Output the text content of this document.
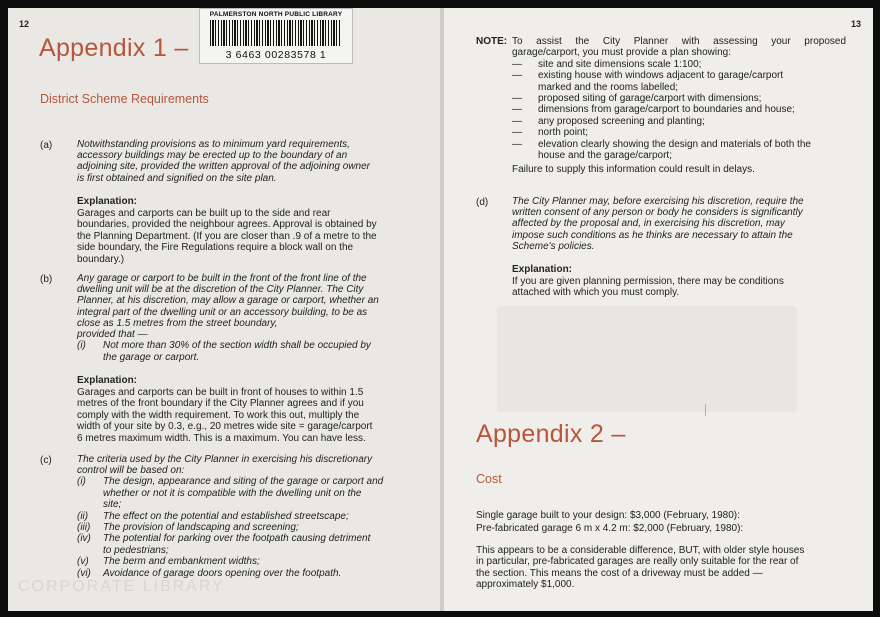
12
Appendix 1 –
PALMERSTON NORTH PUBLIC LIBRARY
3 6463 00283578 1
District Scheme Requirements
(a) Notwithstanding provisions as to minimum yard requirements,
accessory buildings may be erected up to the boundary of an
adjoining site, provided the written approval of the adjoining owner
is first obtained and signified on the site plan.
Explanation:
Garages and carports can be built up to the side and rear
boundaries, provided the neighbour agrees. Approval is obtained by
the Planning Department. (If you are closer than .9 of a metre to the
side boundary, the Fire Regulations require a block wall on the
boundary.)
(b) Any garage or carport to be built in the front of the front line of the
dwelling unit will be at the discretion of the City Planner. The City
Planner, at his discretion, may allow a garage or carport, whether an
integral part of the dwelling unit or an accessory building, to be as
close as 1.5 metres from the street boundary,
provided that —
(i)	Not more than 30% of the section width shall be occupied by
the garage or carport.
Explanation:
Garages and carports can be built in front of houses to within 1.5
metres of the front boundary if the City Planner agrees and if you
comply with the width requirement. To work this out, multiply the
width of your site by 0.3, e.g., 20 metres wide site = garage/carport
6 metres maximum width. This is a maximum. You can have less.
(c)	The criteria used by the City Planner in exercising his discretionary
control will be based on:
(i)	The design, appearance and siting of the garage or carport and
whether or not it is compatible with the dwelling unit on the
site;
(ii)	The effect on the potential and established streetscape;
(iii)	The provision of landscaping and screening;
(iv)	The potential for parking over the footpath causing detriment
to pedestrians;
(v)	The berm and embankment widths;
(vi)	Avoidance of garage doors opening over the footpath.
CORPORATE LIBRARY
13
NOTE: To assist the City Planner with assessing your proposed
garage/carport, you must provide a plan showing:
—	site and site dimensions scale 1:100;
—	existing house with windows adjacent to garage/carport
marked and the rooms labelled;
—	proposed siting of garage/carport with dimensions;
—	dimensions from garage/carport to boundaries and house;
—	any proposed screening and planting;
—	north point;
—	elevation clearly showing the design and materials of both the
house and the garage/carport;
Failure to supply this information could result in delays.
(d) The City Planner may, before exercising his discretion, require the
written consent of any person or body he considers is significantly
affected by the proposal and, in exercising his discretion, may
impose such conditions as he thinks are necessary to attain the
Scheme's policies.
Explanation:
If you are given planning permission, there may be conditions
attached with which you must comply.
Appendix 2 –
Cost
Single garage built to your design: $3,000 (February, 1980):
Pre-fabricated garage 6 m x 4.2 m: $2,000 (February, 1980):
This appears to be a considerable difference, BUT, with older style houses
in particular, pre-fabricated garages are really only suitable for the rear of
the section. This means the cost of a driveway must be added —
approximately $1,000.
